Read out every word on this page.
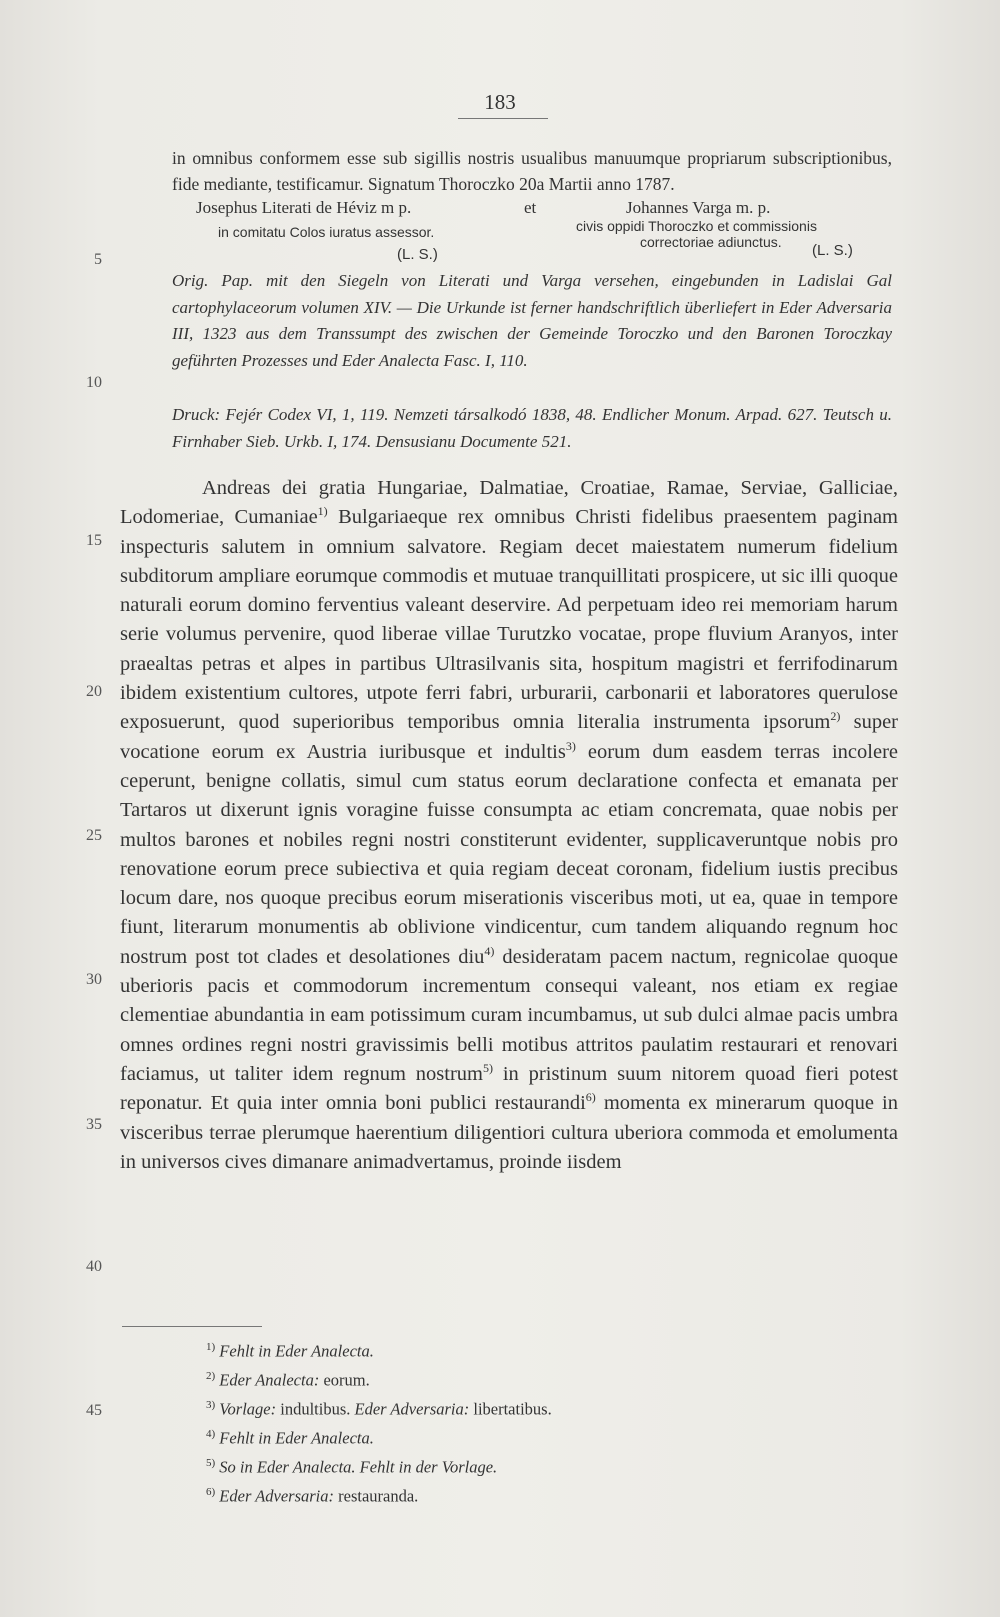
183
in omnibus conformem esse sub sigillis nostris usualibus manuumque propriarum subscriptionibus, fide mediante, testificamur. Signatum Thoroczko 20a Martii anno 1787.
Josephus Literati de Héviz m p.	et	Johannes Varga m. p.
in comitatu Colos iuratus assessor.	civis oppidi Thoroczko et commissionis
correctoriae adiunctus.
(L. S.)	(L. S.)
5
10
15
20
25
30
35
40
45
Orig. Pap. mit den Siegeln von Literati und Varga versehen, eingebunden in Ladislai Gal cartophylaceorum volumen XIV. — Die Urkunde ist ferner handschriftlich überliefert in Eder Adversaria III, 1323 aus dem Transsumpt des zwischen der Gemeinde Toroczko und den Baronen Toroczkay geführten Prozesses und Eder Analecta Fasc. I, 110.
Druck: Fejér Codex VI, 1, 119. Nemzeti társalkodó 1838, 48. Endlicher Monum. Arpad. 627. Teutsch u. Firnhaber Sieb. Urkb. I, 174. Densusianu Documente 521.

Andreas dei gratia Hungariae, Dalmatiae, Croatiae, Ramae, Serviae, Galliciae, Lodomeriae, Cumaniae$^{1)}$ Bulgariaeque rex omnibus Christi fidelibus praesentem paginam inspecturis salutem in omnium salvatore. Regiam decet maiestatem numerum fidelium subditorum ampliare eorumque commodis et mutuae tranquillitati prospicere, ut sic illi quoque naturali eorum domino ferventius valeant deservire. Ad perpetuam ideo rei memoriam harum serie volumus pervenire, quod liberae villae Turutzko vocatae, prope fluvium Aranyos, inter praealtas petras et alpes in partibus Ultrasilvanis sita, hospitum magistri et ferrifodinarum ibidem existentium cultores, utpote ferri fabri, urburarii, carbonarii et laboratores querulose exposuerunt, quod superioribus temporibus omnia literalia instrumenta ipsorum$^{2)}$ super vocatione eorum ex Austria iuribusque et indultis$^{3)}$ eorum dum easdem terras incolere ceperunt, benigne collatis, simul cum status eorum declaratione confecta et emanata per Tartaros ut dixerunt ignis voragine fuisse consumpta ac etiam concremata, quae nobis per multos barones et nobiles regni nostri constiterunt evidenter, supplicaveruntque nobis pro renovatione eorum prece subiectiva et quia regiam deceat coronam, fidelium iustis precibus locum dare, nos quoque precibus eorum miserationis visceribus moti, ut ea, quae in tempore fiunt, literarum monumentis ab oblivione vindicentur, cum tandem aliquando regnum hoc nostrum post tot clades et desolationes diu$^{4)}$ desideratam pacem nactum, regnicolae quoque uberioris pacis et commodorum incrementum consequi valeant, nos etiam ex regiae clementiae abundantia in eam potissimum curam incumbamus, ut sub dulci almae pacis umbra omnes ordines regni nostri gravissimis belli motibus attritos paulatim restaurari et renovari faciamus, ut taliter idem regnum nostrum$^{5)}$ in pristinum suum nitorem quoad fieri potest reponatur. Et quia inter omnia boni publici restaurandi$^{6)}$ momenta ex minerarum quoque in visceribus terrae plerumque haerentium diligentiori cultura uberiora commoda et emolumenta in universos cives dimanare animadvertamus, proinde iisdem

$^{1)}$ Fehlt in Eder Analecta.
$^{2)}$ Eder Analecta: eorum.
$^{3)}$ Vorlage: indultibus. Eder Adversaria: libertatibus.
$^{4)}$ Fehlt in Eder Analecta.
$^{5)}$ So in Eder Analecta. Fehlt in der Vorlage.
$^{6)}$ Eder Adversaria: restauranda.
